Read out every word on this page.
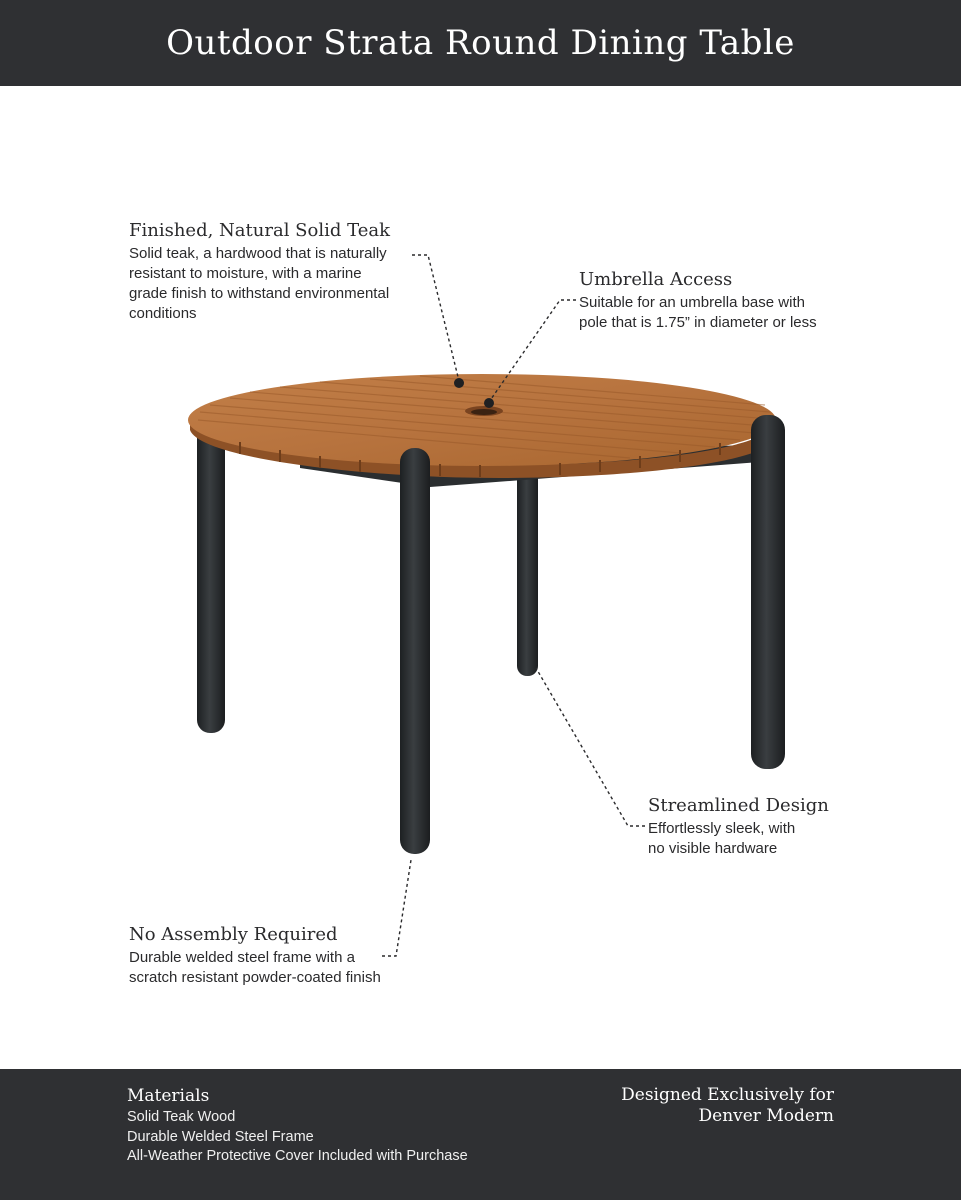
Outdoor Strata Round Dining Table
Finished, Natural Solid Teak
Solid teak, a hardwood that is naturally
resistant to moisture, with a marine
grade finish to withstand environmental
conditions
Umbrella Access
Suitable for an umbrella base with
pole that is 1.75” in diameter or less
Streamlined Design
Effortlessly sleek, with
no visible hardware
No Assembly Required
Durable welded steel frame with a
scratch resistant powder-coated finish
Materials
Solid Teak Wood
Durable Welded Steel Frame
All-Weather Protective Cover Included with Purchase
Designed Exclusively for
Denver Modern
